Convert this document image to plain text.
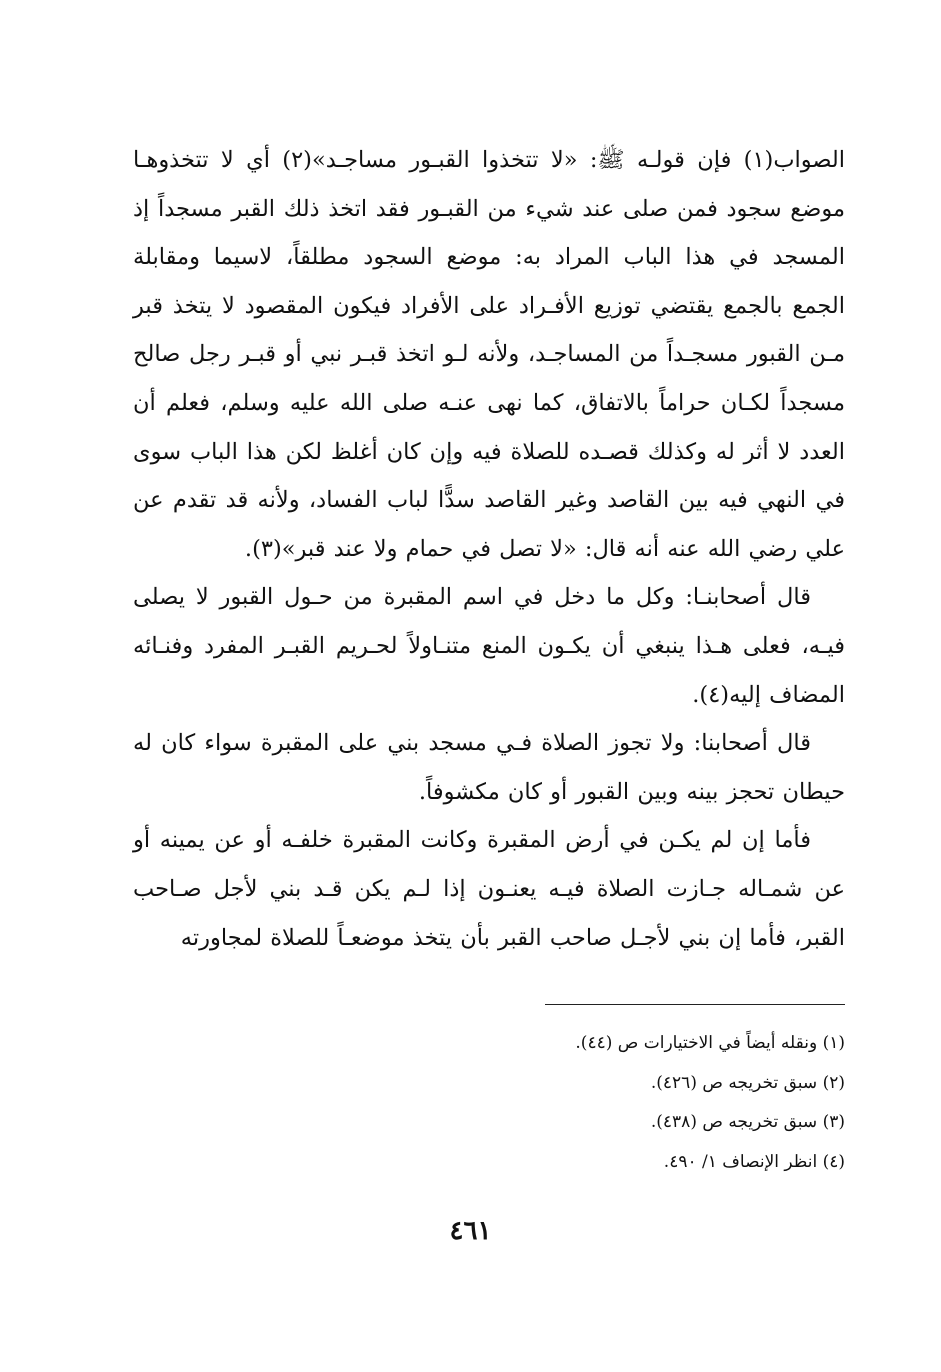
الصواب(١) فإن قولـه ﷺ: «لا تتخذوا القبـور مساجـد»(٢) أي لا تتخذوهـا موضع سجود فمن صلى عند شيء من القبـور فقد اتخذ ذلك القبر مسجداً إذ المسجد في هذا الباب المراد به: موضع السجود مطلقاً، لاسيما ومقابلة الجمع بالجمع يقتضي توزيع الأفـراد على الأفراد فيكون المقصود لا يتخذ قبر مـن القبور مسجـداً من المساجـد، ولأنه لـو اتخذ قبـر نبي أو قبـر رجل صالح مسجداً لكـان حراماً بالاتفاق، كما نهى عنـه صلى الله عليه وسلم، فعلم أن العدد لا أثر له وكذلك قصـده للصلاة فيه وإن كان أغلظ لكن هذا الباب سوى في النهي فيه بين القاصد وغير القاصد سدًّا لباب الفساد، ولأنه قد تقدم عن علي رضي الله عنه أنه قال: «لا تصل في حمام ولا عند قبر»(٣).

قال أصحابنـا: وكل ما دخل في اسم المقبرة من حـول القبور لا يصلى فيـه، فعلى هـذا ينبغي أن يكـون المنع متنـاولاً لحـريم القبـر المفرد وفنـائه المضاف إليه(٤).

قال أصحابنا: ولا تجوز الصلاة فـي مسجد بني على المقبرة سواء كان له حيطان تحجز بينه وبين القبور أو كان مكشوفاً.

فأما إن لم يكـن في أرض المقبرة وكانت المقبرة خلفـه أو عن يمينه أو عن شمـاله جـازت الصلاة فيـه يعنـون إذا لـم يكن قـد بني لأجل صـاحب القبر، فأما إن بني لأجـل صاحب القبر بأن يتخذ موضعـاً للصلاة لمجاورته

(١) ونقله أيضاً في الاختيارات ص (٤٤).

(٢) سبق تخريجه ص (٤٢٦).

(٣) سبق تخريجه ص (٤٣٨).

(٤) انظر الإنصاف ١/ ٤٩٠.

٤٦١
